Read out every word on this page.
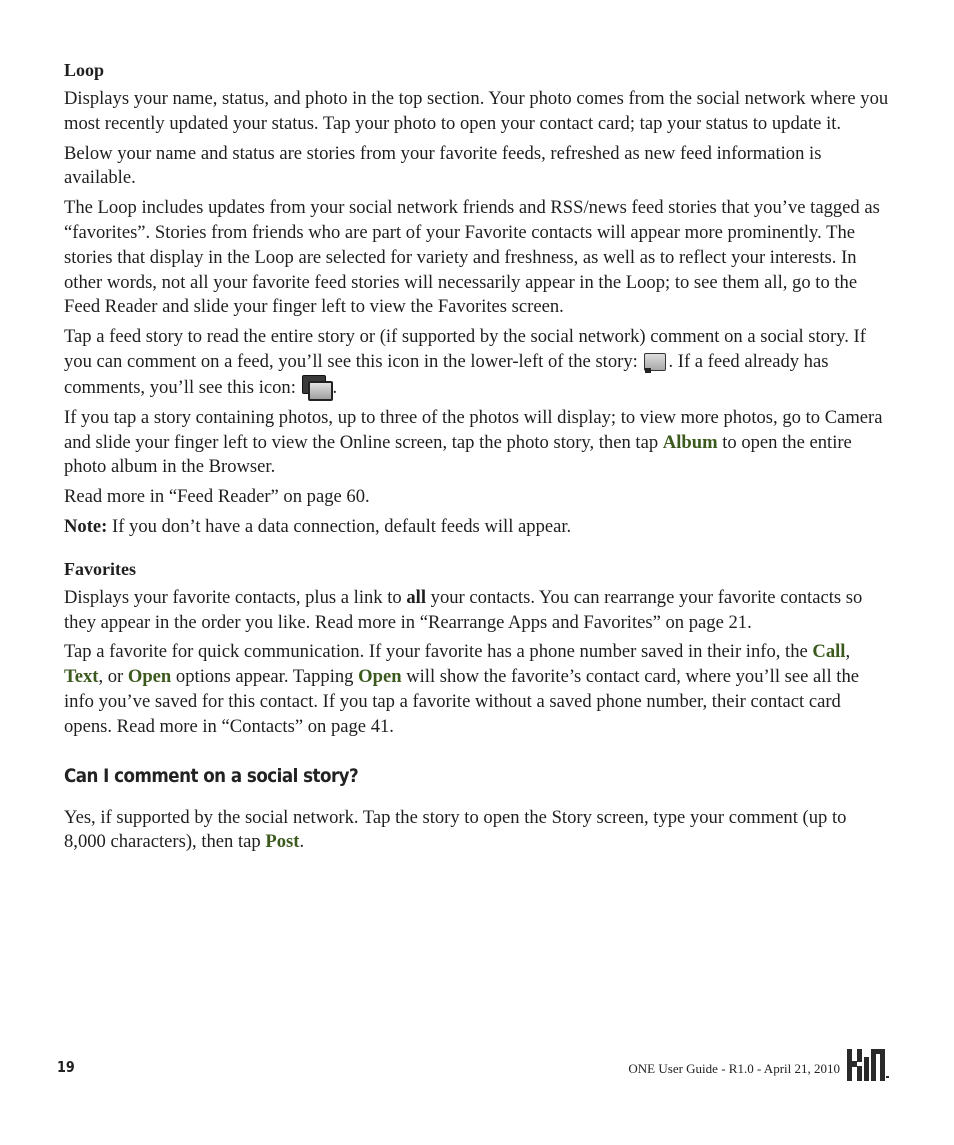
Loop

Displays your name, status, and photo in the top section. Your photo comes from the social network where you most recently updated your status. Tap your photo to open your contact card; tap your status to update it.

Below your name and status are stories from your favorite feeds, refreshed as new feed information is available.

The Loop includes updates from your social network friends and RSS/news feed stories that you’ve tagged as “favorites”. Stories from friends who are part of your Favorite contacts will appear more prominently. The stories that display in the Loop are selected for variety and freshness, as well as to reflect your interests. In other words, not all your favorite feed stories will necessarily appear in the Loop; to see them all, go to the Feed Reader and slide your finger left to view the Favorites screen.

Tap a feed story to read the entire story or (if supported by the social network) comment on a social story. If you can comment on a feed, you’ll see this icon in the lower-left of the story:
. If a feed already has comments, you’ll see this icon:
.

If you tap a story containing photos, up to three of the photos will display; to view more photos, go to Camera and slide your finger left to view the Online screen, tap the photo story, then tap Album to open the entire photo album in the Browser.

Read more in “Feed Reader” on page 60.

Note: If you don’t have a data connection, default feeds will appear.

Favorites

Displays your favorite contacts, plus a link to all your contacts. You can rearrange your favorite contacts so they appear in the order you like. Read more in “Rearrange Apps and Favorites” on page 21.

Tap a favorite for quick communication. If your favorite has a phone number saved in their info, the Call, Text, or Open options appear. Tapping Open will show the favorite’s contact card, where you’ll see all the info you’ve saved for this contact. If you tap a favorite without a saved phone number, their contact card opens. Read more in “Contacts” on page 41.

Can I comment on a social story?

Yes, if supported by the social network. Tap the story to open the Story screen, type your comment (up to 8,000 characters), then tap Post.

19	ONE User Guide - R1.0 - April 21, 2010
